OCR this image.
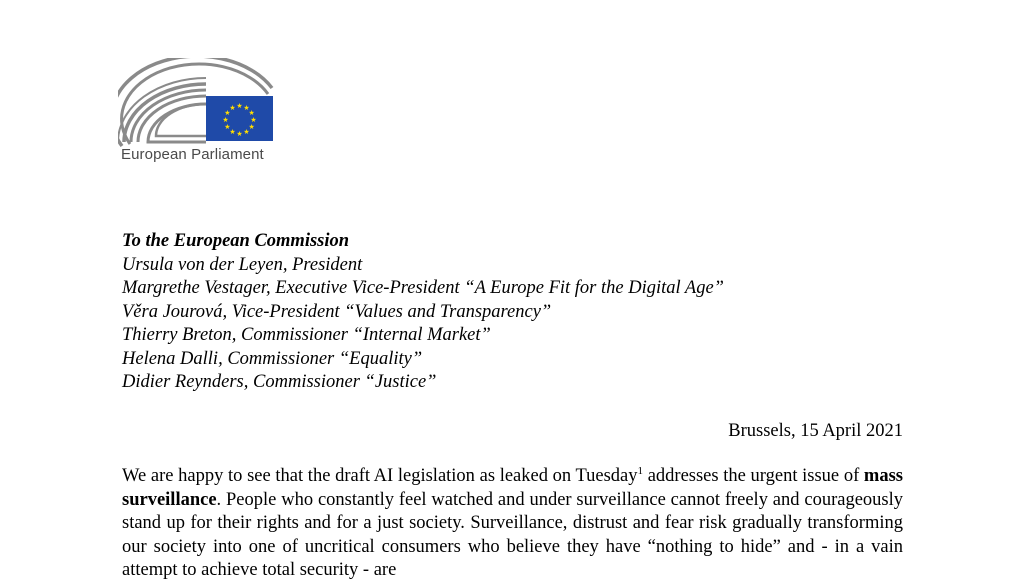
★ ★
★
★
★
★
★
★
★
★
★
★
European Parliament
To the European Commission
Ursula von der Leyen, President
Margrethe Vestager, Executive Vice-President “A Europe Fit for the Digital Age”
Věra Jourová, Vice-President “Values and Transparency”
Thierry Breton, Commissioner “Internal Market”
Helena Dalli, Commissioner “Equality”
Didier Reynders, Commissioner “Justice”
Brussels, 15 April 2021

We are happy to see that the draft AI legislation as leaked on Tuesday$^1$ addresses the urgent issue of mass surveillance. People who constantly feel watched and under surveillance cannot freely and courageously stand up for their rights and for a just society. Surveillance, distrust and fear risk gradually transforming our society into one of uncritical consumers who believe they have “nothing to hide” and - in a vain attempt to achieve total security - are
